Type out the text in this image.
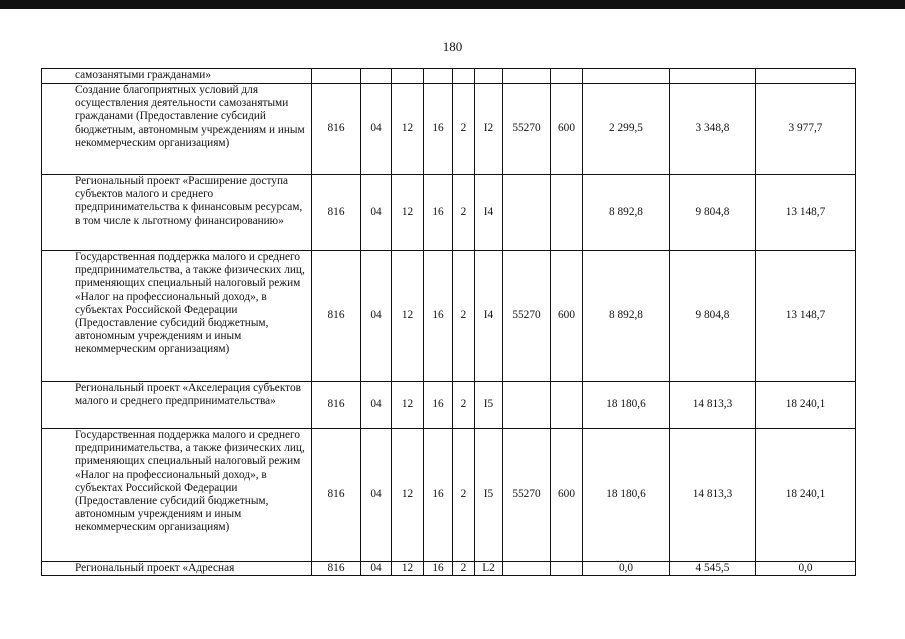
180
самозанятыми гражданами»											
Создание благоприятных условий для осуществления деятельности самозанятыми гражданами (Предоставление субсидий бюджетным, автономным учреждениям и иным некоммерческим организациям)	816	04	12	16	2	I2	55270	600	2 299,5	3 348,8	3 977,7
Региональный проект «Расширение доступа субъектов малого и среднего предпринимательства к финансовым ресурсам, в том числе к льготному финансированию»	816	04	12	16	2	I4			8 892,8	9 804,8	13 148,7
Государственная поддержка малого и среднего предпринимательства, а также физических лиц, применяющих специальный налоговый режим «Налог на профессиональный доход», в субъектах Российской Федерации (Предоставление субсидий бюджетным, автономным учреждениям и иным некоммерческим организациям)	816	04	12	16	2	I4	55270	600	8 892,8	9 804,8	13 148,7
Региональный проект «Акселерация субъектов малого и среднего предпринимательства»	816	04	12	16	2	I5			18 180,6	14 813,3	18 240,1
Государственная поддержка малого и среднего предпринимательства, а также физических лиц, применяющих специальный налоговый режим «Налог на профессиональный доход», в субъектах Российской Федерации (Предоставление субсидий бюджетным, автономным учреждениям и иным некоммерческим организациям)	816	04	12	16	2	I5	55270	600	18 180,6	14 813,3	18 240,1
Региональный проект «Адресная	816	04	12	16	2	L2			0,0	4 545,5	0,0
